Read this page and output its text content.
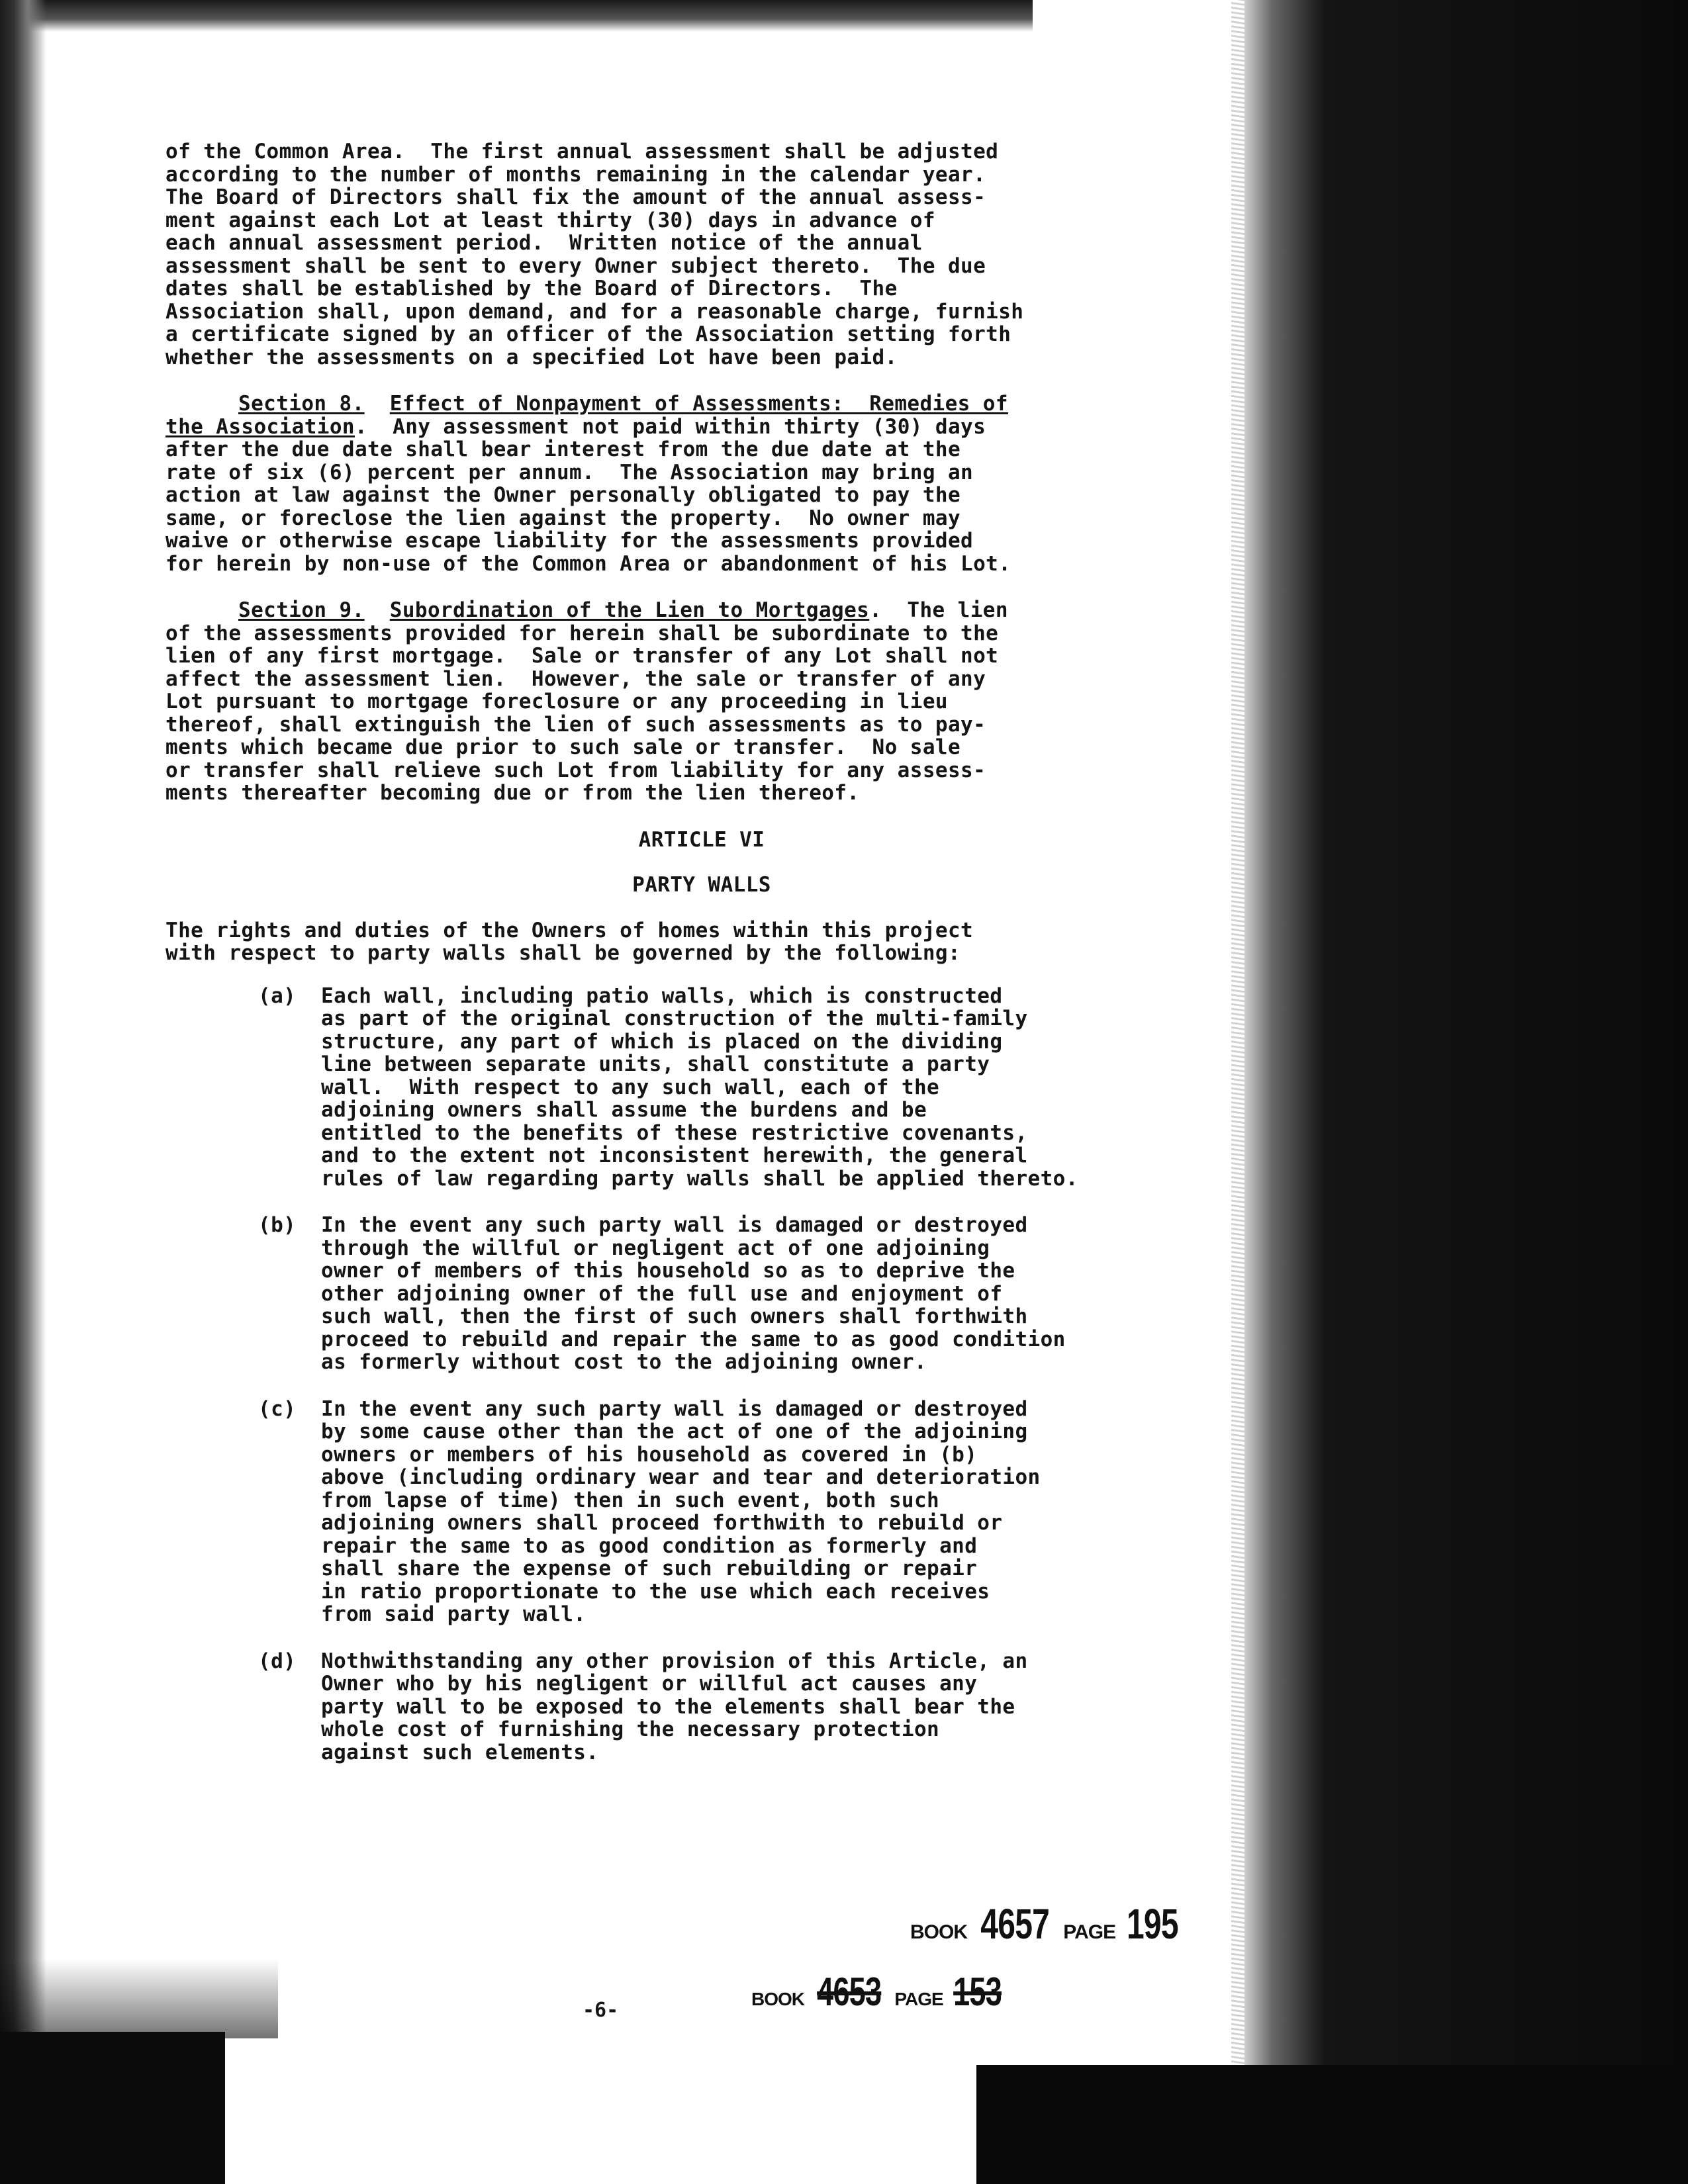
of the Common Area.  The first annual assessment shall be adjusted
according to the number of months remaining in the calendar year.
The Board of Directors shall fix the amount of the annual assess-
ment against each Lot at least thirty (30) days in advance of
each annual assessment period.  Written notice of the annual
assessment shall be sent to every Owner subject thereto.  The due
dates shall be established by the Board of Directors.  The
Association shall, upon demand, and for a reasonable charge, furnish
a certificate signed by an officer of the Association setting forth
whether the assessments on a specified Lot have been paid.

Section 8. Effect of Nonpayment of Assessments:  Remedies of
the Association.  Any assessment not paid within thirty (30) days
after the due date shall bear interest from the due date at the
rate of six (6) percent per annum.  The Association may bring an
action at law against the Owner personally obligated to pay the
same, or foreclose the lien against the property.  No owner may
waive or otherwise escape liability for the assessments provided
for herein by non-use of the Common Area or abandonment of his Lot.

Section 9. Subordination of the Lien to Mortgages.  The lien
of the assessments provided for herein shall be subordinate to the
lien of any first mortgage.  Sale or transfer of any Lot shall not
affect the assessment lien.  However, the sale or transfer of any
Lot pursuant to mortgage foreclosure or any proceeding in lieu
thereof, shall extinguish the lien of such assessments as to pay-
ments which became due prior to such sale or transfer.  No sale
or transfer shall relieve such Lot from liability for any assess-
ments thereafter becoming due or from the lien thereof.

ARTICLE VI
PARTY WALLS

The rights and duties of the Owners of homes within this project
with respect to party walls shall be governed by the following:

(a)	Each wall, including patio walls, which is constructed
as part of the original construction of the multi-family
structure, any part of which is placed on the dividing
line between separate units, shall constitute a party
wall.  With respect to any such wall, each of the
adjoining owners shall assume the burdens and be
entitled to the benefits of these restrictive covenants,
and to the extent not inconsistent herewith, the general
rules of law regarding party walls shall be applied thereto.
(b)	In the event any such party wall is damaged or destroyed
through the willful or negligent act of one adjoining
owner of members of this household so as to deprive the
other adjoining owner of the full use and enjoyment of
such wall, then the first of such owners shall forthwith
proceed to rebuild and repair the same to as good condition
as formerly without cost to the adjoining owner.
(c)	In the event any such party wall is damaged or destroyed
by some cause other than the act of one of the adjoining
owners or members of his household as covered in (b)
above (including ordinary wear and tear and deterioration
from lapse of time) then in such event, both such
adjoining owners shall proceed forthwith to rebuild or
repair the same to as good condition as formerly and
shall share the expense of such rebuilding or repair
in ratio proportionate to the use which each receives
from said party wall.
(d)	Nothwithstanding any other provision of this Article, an
Owner who by his negligent or willful act causes any
party wall to be exposed to the elements shall bear the
whole cost of furnishing the necessary protection
against such elements.
BOOK 4657 PAGE 195
BOOK 4653 PAGE 153
-6-
